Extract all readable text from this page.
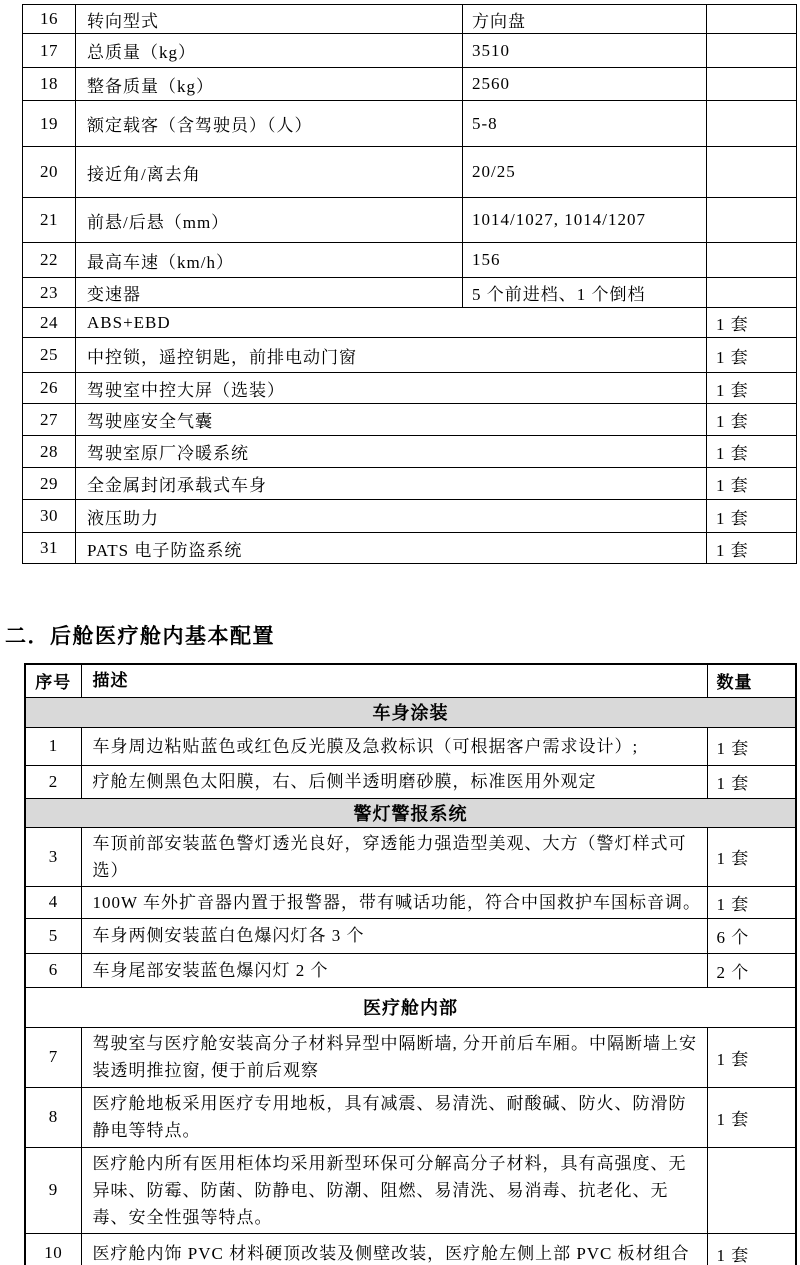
16	转向型式	方向盘	
17	总质量（kg）	3510	
18	整备质量（kg）	2560	
19	额定载客（含驾驶员）（人）	5-8	
20	接近角/离去角	20/25	
21	前悬/后悬（mm）	1014/1027, 1014/1207	
22	最高车速（km/h）	156	
23	变速器	5 个前进档、1 个倒档	
24	ABS+EBD		1 套
25	中控锁，遥控钥匙，前排电动门窗		1 套
26	驾驶室中控大屏（选装）		1 套
27	驾驶座安全气囊		1 套
28	驾驶室原厂冷暖系统		1 套
29	全金属封闭承载式车身		1 套
30	液压助力		1 套
31	PATS 电子防盗系统		1 套
二．后舱医疗舱内基本配置
序号	描述	数量
车身涂装		
1	车身周边粘贴蓝色或红色反光膜及急救标识（可根据客户需求设计）;	1 套
2	疗舱左侧黑色太阳膜，右、后侧半透明磨砂膜，标准医用外观定	1 套
警灯警报系统		
3	车顶前部安装蓝色警灯透光良好，穿透能力强造型美观、大方（警灯样式可选）	1 套
4	100W 车外扩音器内置于报警器，带有喊话功能，符合中国救护车国标音调。	1 套
5	车身两侧安装蓝白色爆闪灯各 3 个	6 个
6	车身尾部安装蓝色爆闪灯 2 个	2 个
医疗舱内部		
7	驾驶室与医疗舱安装高分子材料异型中隔断墙, 分开前后车厢。中隔断墙上安装透明推拉窗, 便于前后观察	1 套
8	医疗舱地板采用医疗专用地板，具有减震、易清洗、耐酸碱、防火、防滑防静电等特点。	1 套
9	医疗舱内所有医用柜体均采用新型环保可分解高分子材料，具有高强度、无异味、防霉、防菌、防静电、防潮、阻燃、易清洗、易消毒、抗老化、无毒、安全性强等特点。	
10	医疗舱内饰 PVC 材料硬顶改装及侧壁改装，医疗舱左侧上部 PVC 板材组合	1 套
